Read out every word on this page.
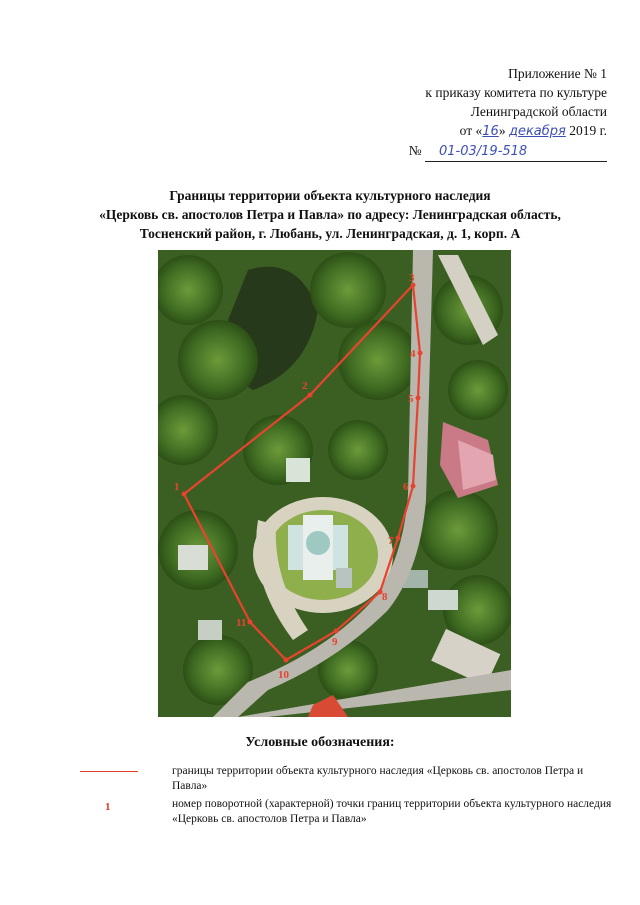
Приложение № 1
к приказу комитета по культуре
Ленинградской области
от «16» декабря 2019 г.
№ 01-03/19-518
Границы территории объекта культурного наследия
«Церковь св. апостолов Петра и Павла» по адресу: Ленинградская область,
Тосненский район, г. Любань, ул. Ленинградская, д. 1, корп. А
1
2
3
4
5
6
7
8
9
10
11
Условные обозначения:
границы территории объекта культурного наследия «Церковь св. апостолов Петра и Павла»
1	номер поворотной (характерной) точки границ территории объекта культурного наследия «Церковь св. апостолов Петра и Павла»
